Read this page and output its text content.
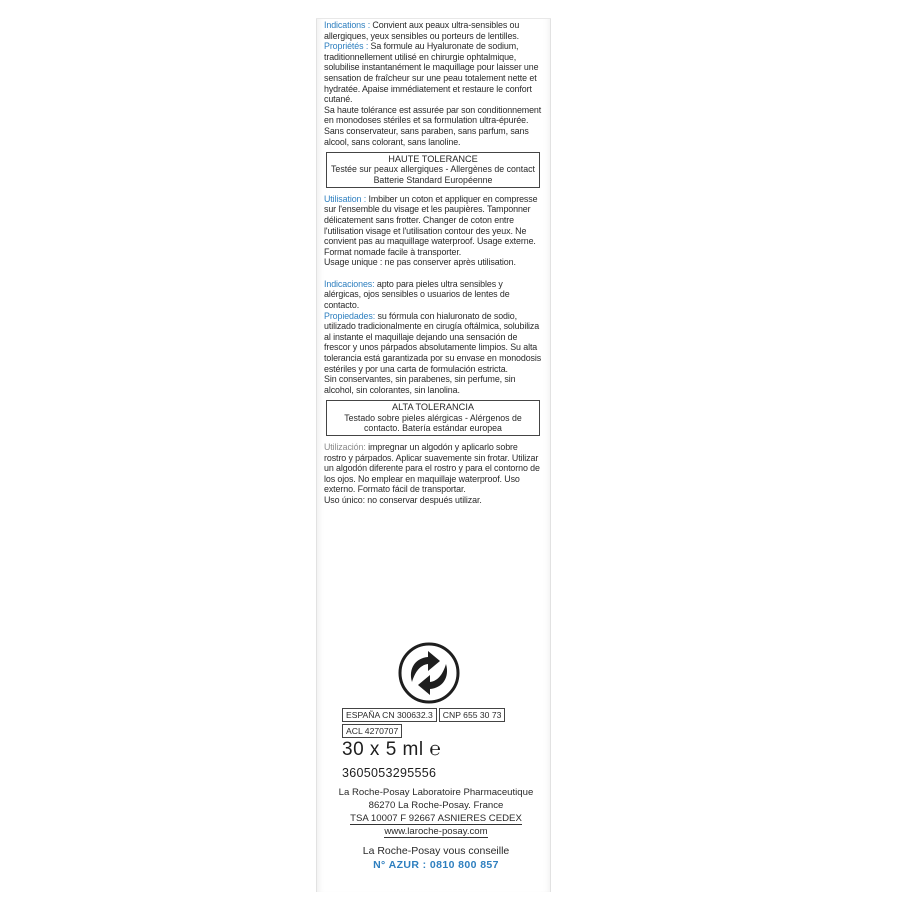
Indications : Convient aux peaux ultra-sensibles ou allergiques, yeux sensibles ou porteurs de lentilles.

Propriétés : Sa formule au Hyaluronate de sodium, traditionnellement utilisé en chirurgie ophtalmique, solubilise instantanément le maquillage pour laisser une sensation de fraîcheur sur une peau totalement nette et hydratée. Apaise immédiatement et restaure le confort cutané.

Sa haute tolérance est assurée par son conditionnement en monodoses stériles et sa formulation ultra-épurée.

Sans conservateur, sans paraben, sans parfum, sans alcool, sans colorant, sans lanoline.

HAUTE TOLERANCE
Testée sur peaux allergiques - Allergènes de contact Batterie Standard Européenne

Utilisation : Imbiber un coton et appliquer en compresse sur l'ensemble du visage et les paupières. Tamponner délicatement sans frotter. Changer de coton entre l'utilisation visage et l'utilisation contour des yeux. Ne convient pas au maquillage waterproof. Usage externe.

Format nomade facile à transporter.

Usage unique : ne pas conserver après utilisation.

Indicaciones: apto para pieles ultra sensibles y alérgicas, ojos sensibles o usuarios de lentes de contacto.

Propiedades: su fórmula con hialuronato de sodio, utilizado tradicionalmente en cirugía oftálmica, solubiliza al instante el maquillaje dejando una sensación de frescor y unos párpados absolutamente limpios. Su alta tolerancia está garantizada por su envase en monodosis estériles y por una carta de formulación estricta.

Sin conservantes, sin parabenes, sin perfume, sin alcohol, sin colorantes, sin lanolina.

ALTA TOLERANCIA
Testado sobre pieles alérgicas - Alérgenos de contacto. Batería estándar europea

Utilización: impregnar un algodón y aplicarlo sobre rostro y párpados. Aplicar suavemente sin frotar. Utilizar un algodón diferente para el rostro y para el contorno de los ojos. No emplear en maquillaje waterproof. Uso externo. Formato fácil de transportar.

Uso único: no conservar después utilizar.

ESPAÑA CN 300632.3 CNP 655 30 73
ACL 4270707
30 x 5 ml ℮
3605053295556
La Roche-Posay Laboratoire Pharmaceutique
86270 La Roche-Posay. France
TSA 10007 F 92667 ASNIERES CEDEX
www.laroche-posay.com
La Roche-Posay vous conseille
N° AZUR : 0810 800 857
